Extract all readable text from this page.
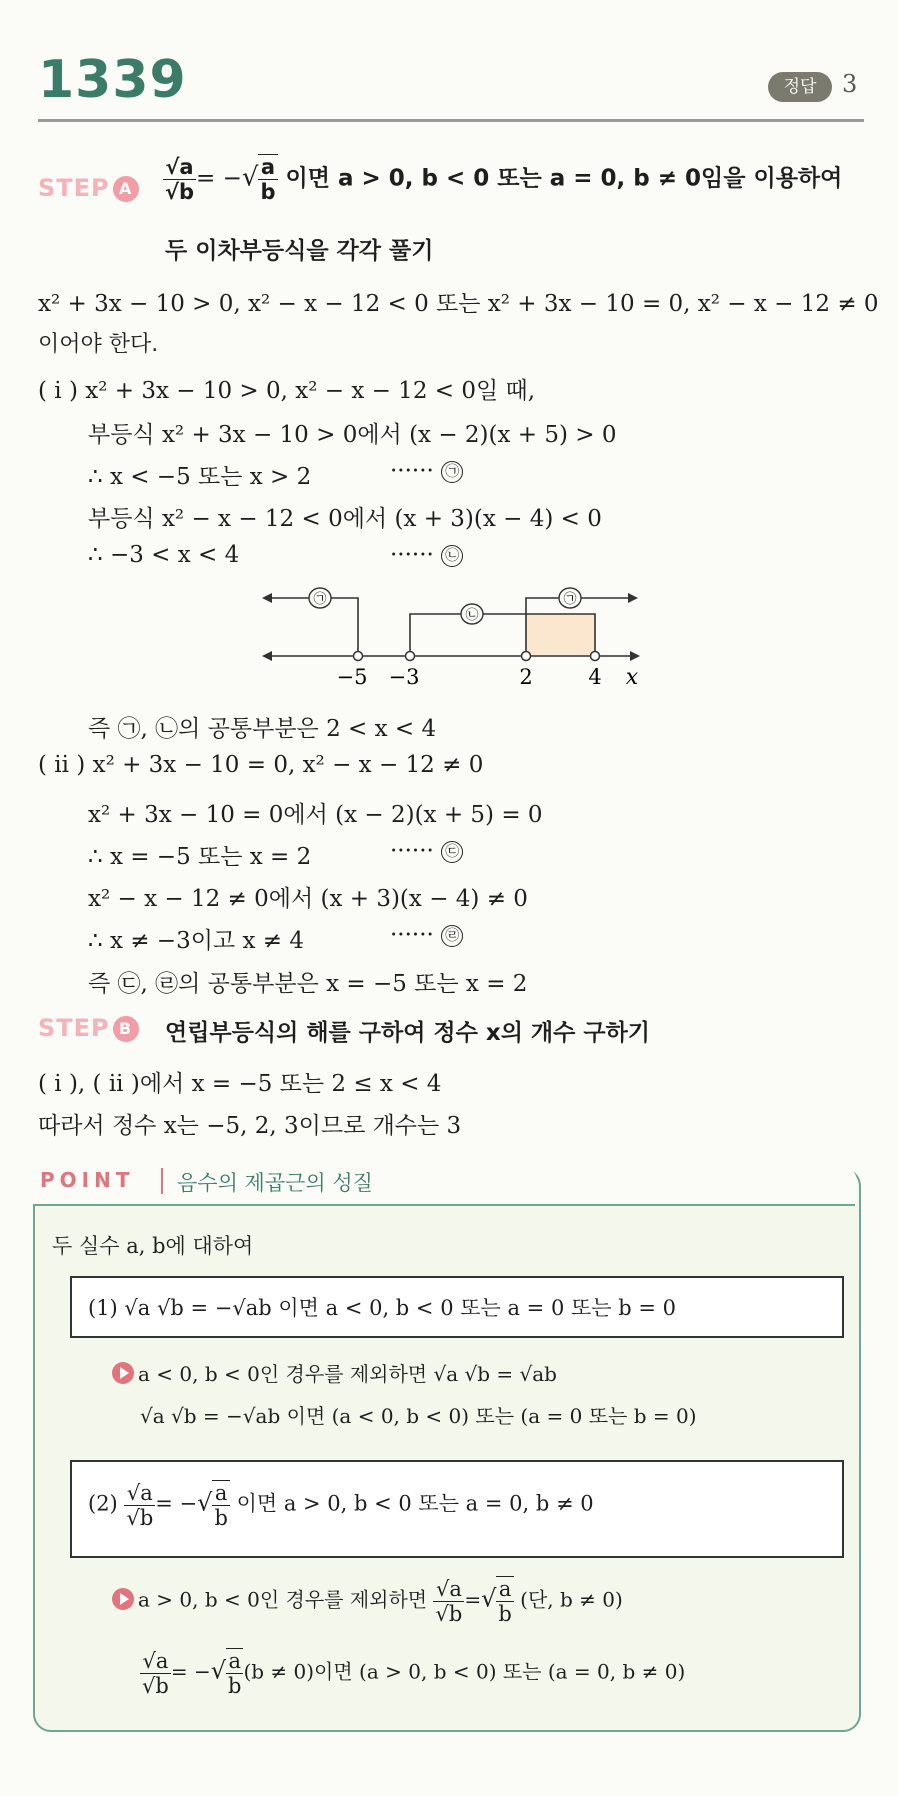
1339	정답	3
STEP A	$\frac{√a}{√b}$ = −√ $\frac{a}{b}$ 이면 a > 0, b < 0 또는 a = 0, b ≠ 0임을 이용하여
두 이차부등식을 각각 풀기
x² + 3x − 10 > 0, x² − x − 12 < 0 또는 x² + 3x − 10 = 0, x² − x − 12 ≠ 0
이어야 한다.
( i ) x² + 3x − 10 > 0, x² − x − 12 < 0일 때,
부등식 x² + 3x − 10 > 0에서 (x − 2)(x + 5) > 0
∴ x < −5 또는 x > 2	······ ㉠
부등식 x² − x − 12 < 0에서 (x + 3)(x − 4) < 0
∴ −3 < x < 4	······ ㉡
㉠
㉡
㉠
−5 −3	2	4 x
즉 ㉠, ㉡의 공통부분은 2 < x < 4
( ii ) x² + 3x − 10 = 0, x² − x − 12 ≠ 0
x² + 3x − 10 = 0에서 (x − 2)(x + 5) = 0
∴ x = −5 또는 x = 2	······ ㉢
x² − x − 12 ≠ 0에서 (x + 3)(x − 4) ≠ 0
∴ x ≠ −3이고 x ≠ 4	······ ㉣
즉 ㉢, ㉣의 공통부분은 x = −5 또는 x = 2
STEP B 연립부등식의 해를 구하여 정수 x의 개수 구하기
( i ), ( ii )에서 x = −5 또는 2 ≤ x < 4
따라서 정수 x는 −5, 2, 3이므로 개수는 3
POINT 음수의 제곱근의 성질
두 실수 a, b에 대하여
(1) √a √b = −√ab 이면 a < 0, b < 0 또는 a = 0 또는 b = 0
a < 0, b < 0인 경우를 제외하면 √a √b = √ab
√a √b = −√ab 이면 (a < 0, b < 0) 또는 (a = 0 또는 b = 0)
$(2) \frac{√a}{√b}$ = −√ $\frac{a}{b}$ 이면 a > 0, b < 0 또는 a = 0, b ≠ 0
a > 0, b < 0인 경우를 제외하면 $\frac{√a}{√b}$ =√ $\frac{a}{b}$ (단, b ≠ 0)
$\frac{√a}{√b}$ = −√ $\frac{a}{b} (b \ne 0)$이면 (a > 0, b < 0) 또는 (a = 0, b ≠ 0)
